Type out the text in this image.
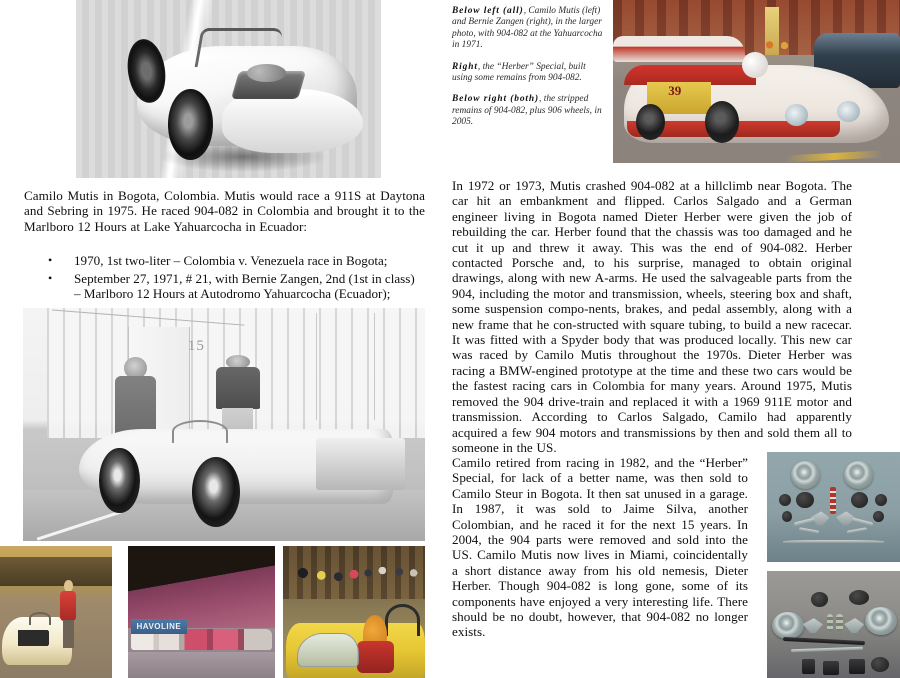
39
Below left (all), Camilo Mutis (left) and Bernie Zangen (right), in the larger photo, with 904-082 at the Yahuarcocha in 1971.
Right, the “Herber” Special, built using some remains from 904-082.
Below right (both), the stripped remains of 904-082, plus 906 wheels, in 2005.

Camilo Mutis in Bogota, Colombia. Mutis would race a 911S at Daytona and Sebring in 1975. He raced 904-082 in Colombia and brought it to the Marlboro 12 Hours at Lake Yahuarcocha in Ecuador:

•	1970, 1st two-liter – Colombia v. Venezuela race in Bogota;
•	September 27, 1971, # 21, with Bernie Zangen, 2nd (1st in class)
– Marlboro 12 Hours at Autodromo Yahuarcocha (Ecuador);
15

In 1972 or 1973, Mutis crashed 904-082 at a hillclimb near Bogota. The car hit an embankment and flipped. Carlos Salgado and a German engineer living in Bogota named Dieter Herber were given the job of rebuilding the car. Herber found that the chassis was too damaged and he cut it up and threw it away. This was the end of 904-082. Herber contacted Porsche and, to his surprise, managed to obtain original drawings, along with new A-arms. He used the salvageable parts from the 904, including the motor and transmission, wheels, steering box and shaft, some suspension compo-nents, brakes, and pedal assembly, along with a new frame that he con-structed with square tubing, to build a new racecar. It was fitted with a Spyder body that was produced locally. This new car was raced by Camilo Mutis throughout the 1970s. Dieter Herber was racing a BMW-engined prototype at the time and these two cars would be the fastest racing cars in Colombia for many years. Around 1975, Mutis removed the 904 drive-train and replaced it with a 1969 911E motor and transmission. According to Carlos Salgado, Camilo had apparently acquired a few 904 motors and transmissions by then and sold them all to someone in the US.

Camilo retired from racing in 1982, and the “Herber” Special, for lack of a better name, was then sold to Camilo Steur in Bogota. It then sat unused in a garage. In 1987, it was sold to Jaime Silva, another Colombian, and he raced it for the next 15 years. In 2004, the 904 parts were removed and sold into the US. Camilo Mutis now lives in Miami, coincidentally a short distance away from his old nemesis, Dieter Herber. Though 904-082 is long gone, some of its components have enjoyed a very interesting life. There should be no doubt, however, that 904-082 no longer exists.

HAVOLINE
